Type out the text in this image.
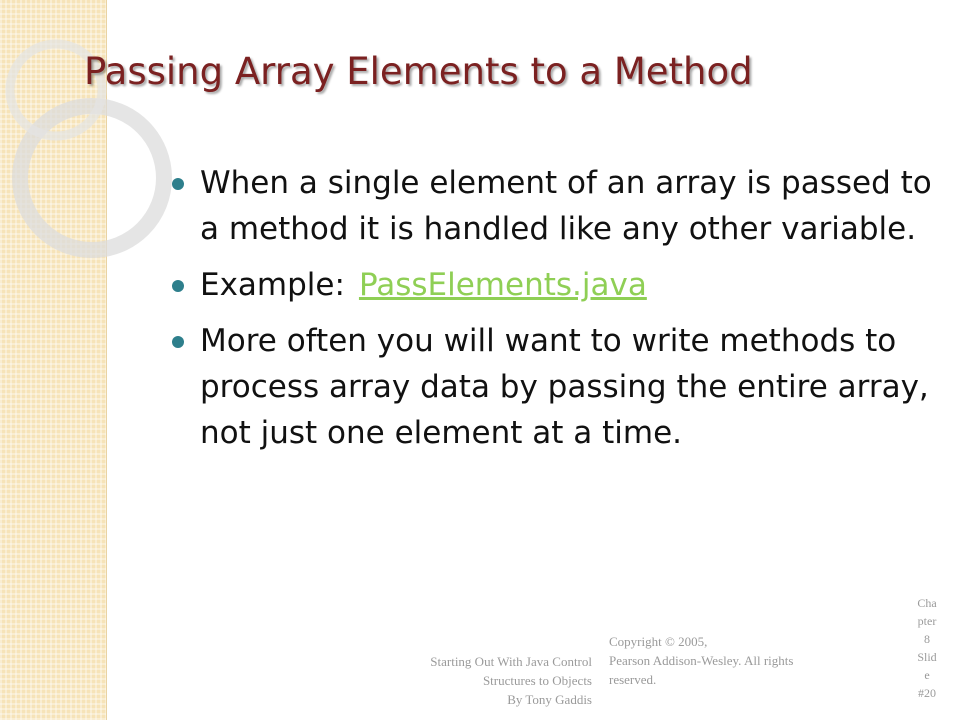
Passing Array Elements to a Method
When a single element of an array is passed to a method it is handled like any other variable.
Example: PassElements.java
More often you will want to write methods to process array data by passing the entire array, not just one element at a time.
Starting Out With Java Control
Structures to Objects
By Tony Gaddis
Copyright © 2005,
Pearson Addison-Wesley. All rights
reserved.
Cha
pter
8
Slid
e
#20
